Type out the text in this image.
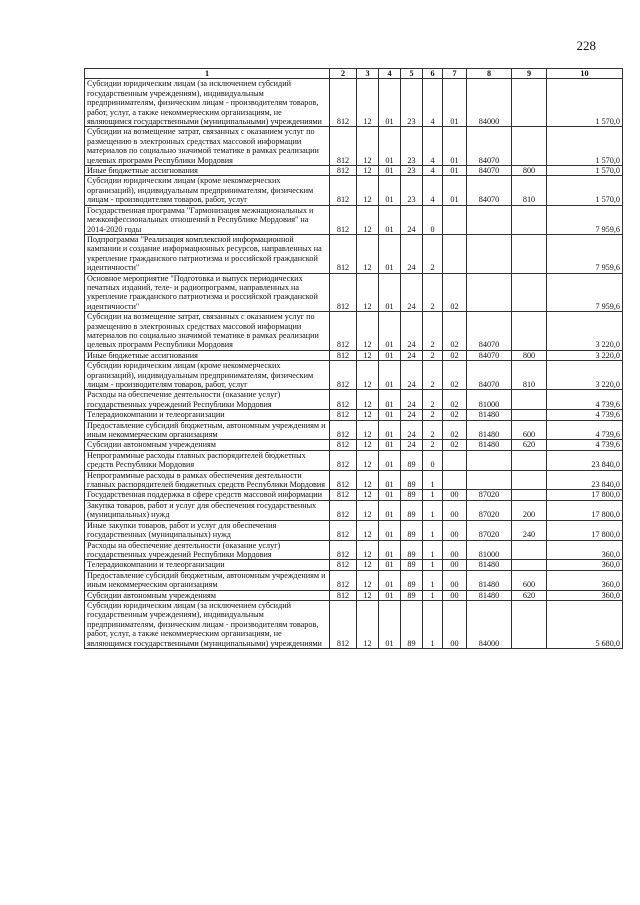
228
1	2	3	4	5	6	7	8	9	10
Субсидии юридическим лицам (за исключением субсидий государственным учреждениям), индивидуальным предпринимателям, физическим лицам - производителям товаров, работ, услуг, а также некоммерческим организациям, не являющимся государственными (муниципальными) учреждениями	812	12	01	23	4	01	84000		1 570,0
Субсидии на возмещение затрат, связанных с оказанием услуг по размещению в электронных средствах массовой информации материалов по социально значимой тематике в рамках реализации целевых программ Республики Мордовия	812	12	01	23	4	01	84070		1 570,0
Иные бюджетные ассигнования	812	12	01	23	4	01	84070	800	1 570,0
Субсидии юридическим лицам (кроме некоммерческих организаций), индивидуальным предпринимателям, физическим лицам - производителям товаров, работ, услуг	812	12	01	23	4	01	84070	810	1 570,0
Государственная программа "Гармонизация межнациональных и межконфессиональных отношений в Республике Мордовия" на 2014-2020 годы	812	12	01	24	0				7 959,6
Подпрограмма "Реализация комплексной информационной кампании и создание информационных ресурсов, направленных на укрепление гражданского патриотизма и российской гражданской идентичности"	812	12	01	24	2				7 959,6
Основное мероприятие "Подготовка и выпуск периодических печатных изданий, теле- и радиопрограмм, направленных на укрепление гражданского патриотизма и российской гражданской идентичности"	812	12	01	24	2	02			7 959,6
Субсидии на возмещение затрат, связанных с оказанием услуг по размещению в электронных средствах массовой информации материалов по социально значимой тематике в рамках реализации целевых программ Республики Мордовия	812	12	01	24	2	02	84070		3 220,0
Иные бюджетные ассигнования	812	12	01	24	2	02	84070	800	3 220,0
Субсидии юридическим лицам (кроме некоммерческих организаций), индивидуальным предпринимателям, физическим лицам - производителям товаров, работ, услуг	812	12	01	24	2	02	84070	810	3 220,0
Расходы на обеспечение деятельности (оказание услуг) государственных учреждений Республики Мордовия	812	12	01	24	2	02	81000		4 739,6
Телерадиокомпании и телеорганизации	812	12	01	24	2	02	81480		4 739,6
Предоставление субсидий бюджетным, автономным учреждениям и иным некоммерческим организациям	812	12	01	24	2	02	81480	600	4 739,6
Субсидии автономным учреждениям	812	12	01	24	2	02	81480	620	4 739,6
Непрограммные расходы главных распорядителей бюджетных средств Республики Мордовия	812	12	01	89	0				23 840,0
Непрограммные расходы в рамках обеспечения деятельности главных распорядителей бюджетных средств Республики Мордовия	812	12	01	89	1				23 840,0
Государственная поддержка в сфере средств массовой информации	812	12	01	89	1	00	87020		17 800,0
Закупка товаров, работ и услуг для обеспечения государственных (муниципальных) нужд	812	12	01	89	1	00	87020	200	17 800,0
Иные закупки товаров, работ и услуг для обеспечения государственных (муниципальных) нужд	812	12	01	89	1	00	87020	240	17 800,0
Расходы на обеспечение деятельности (оказание услуг) государственных учреждений Республики Мордовия	812	12	01	89	1	00	81000		360,0
Телерадиокомпании и телеорганизации	812	12	01	89	1	00	81480		360,0
Предоставление субсидий бюджетным, автономным учреждениям и иным некоммерческим организациям	812	12	01	89	1	00	81480	600	360,0
Субсидии автономным учреждениям	812	12	01	89	1	00	81480	620	360,0
Субсидии юридическим лицам (за исключением субсидий государственным учреждениям), индивидуальным предпринимателям, физическим лицам - производителям товаров, работ, услуг, а также некоммерческим организациям, не являющимся государственными (муниципальными) учреждениями	812	12	01	89	1	00	84000		5 680,0
